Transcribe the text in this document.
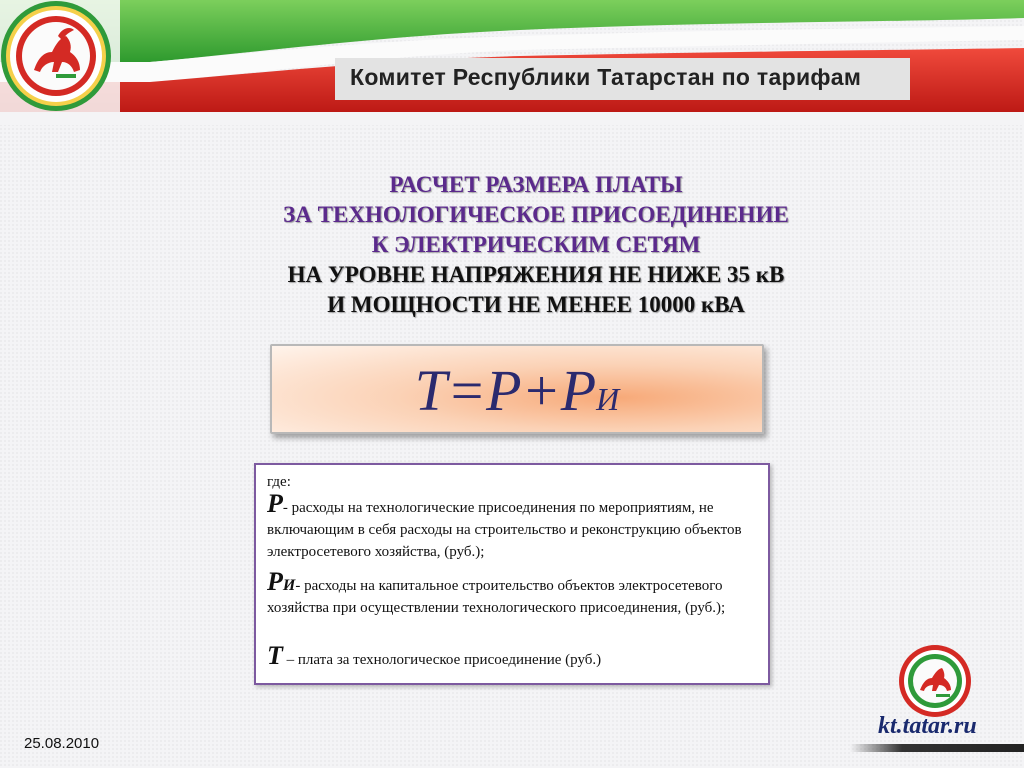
Комитет Республики Татарстан по тарифам
РАСЧЕТ РАЗМЕРА ПЛАТЫ
ЗА ТЕХНОЛОГИЧЕСКОЕ ПРИСОЕДИНЕНИЕ
К ЭЛЕКТРИЧЕСКИМ СЕТЯМ
НА УРОВНЕ НАПРЯЖЕНИЯ НЕ НИЖЕ 35 кВ
И МОЩНОСТИ НЕ МЕНЕЕ 10000 кВА
Т=Р+РИ
где:
Р- расходы на технологические присоединения по мероприятиям, не включающим в себя расходы на строительство и реконструкцию объектов электросетевого хозяйства, (руб.);
РИ- расходы на капитальное строительство объектов электросетевого хозяйства при осуществлении технологического присоединения, (руб.);
Т – плата за технологическое присоединение (руб.)
25.08.2010
kt.tatar.ru
